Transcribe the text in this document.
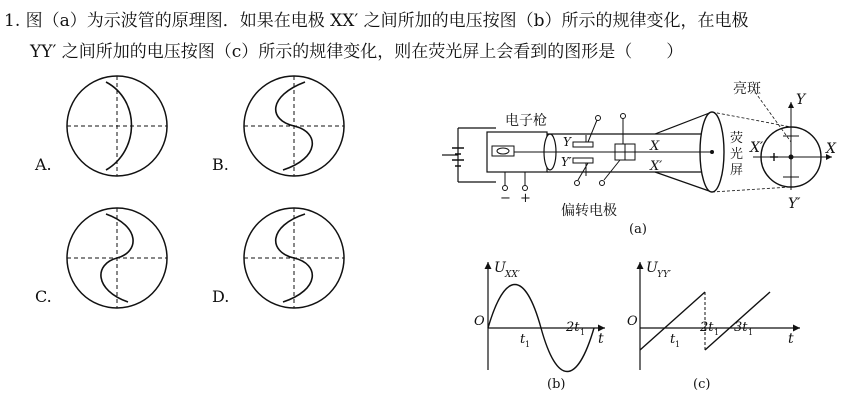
1. 图（a）为示波管的原理图．如果在电极 XX′ 之间所加的电压按图（b）所示的规律变化，在电极
YY′ 之间所加的电压按图（c）所示的规律变化，则在荧光屏上会看到的图形是（　　）
A.	B.
C.	D.
亮斑
电子枪
偏转电极
荧
光
屏
X
Y
Y′
X′
Y
Y′
X
X′
− +
(a)
O
U XX′
t
t 1
2t 1
(b)
O
U YY′
t
t 1
2t 1 3t 1
(c)
